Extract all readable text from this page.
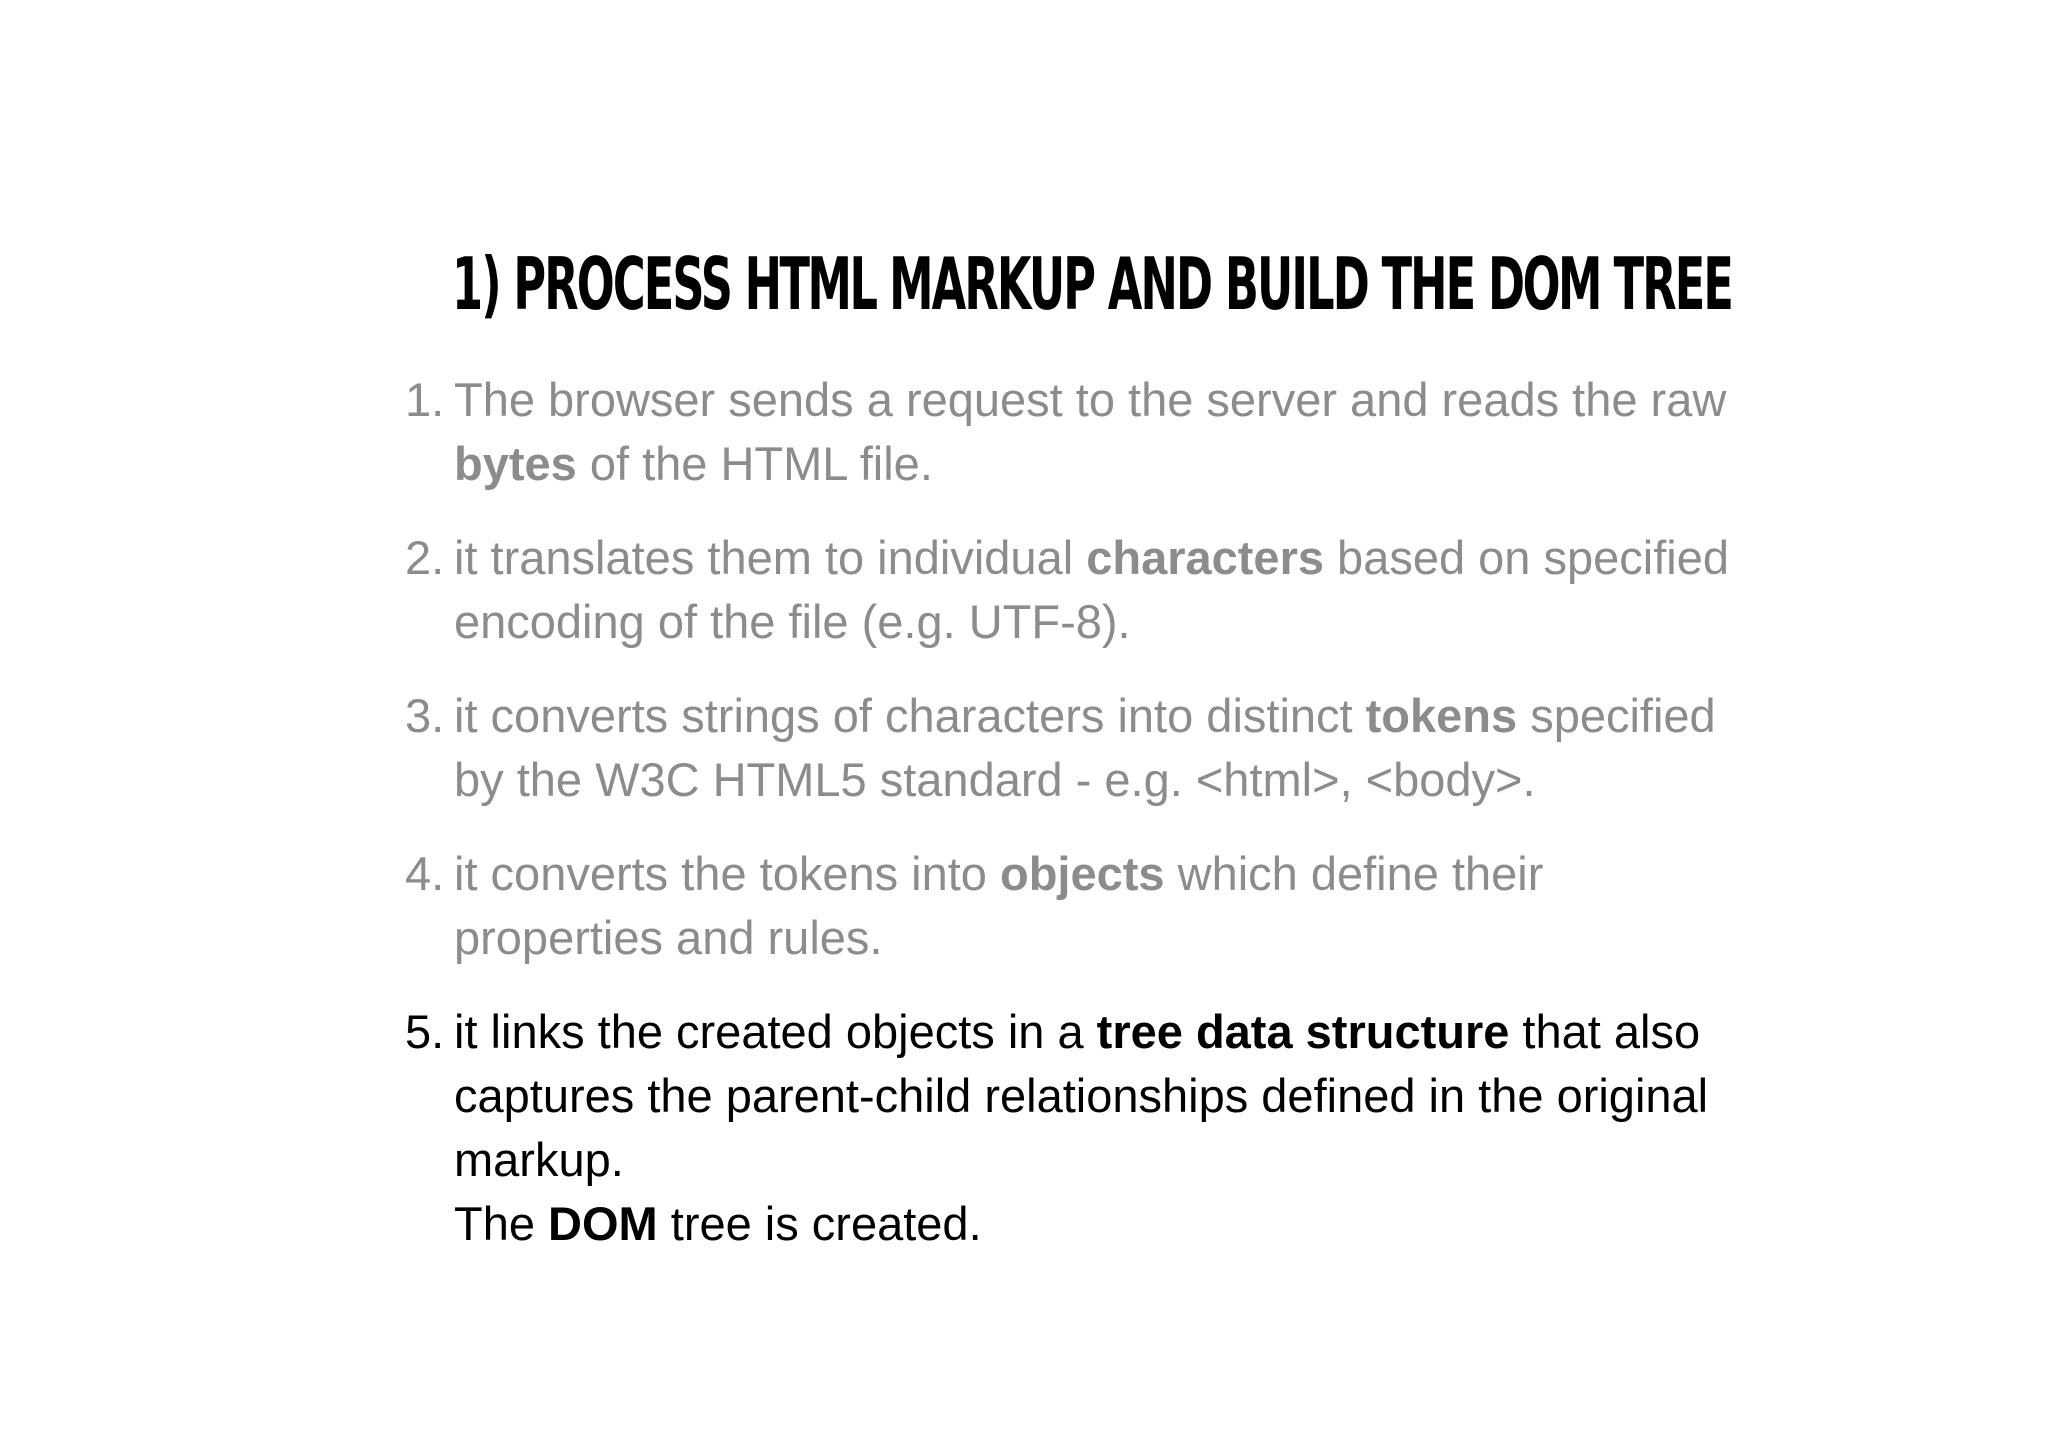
1) PROCESS HTML MARKUP AND BUILD THE DOM TREE
1. The browser sends a request to the server and reads the raw bytes of the HTML file.
2. it translates them to individual characters based on specified encoding of the file (e.g. UTF-8).
3. it converts strings of characters into distinct tokens specified by the W3C HTML5 standard - e.g. <html>, <body>.
4. it converts the tokens into objects which define their properties and rules.
5. it links the created objects in a tree data structure that also captures the parent-child relationships defined in the original markup.
The DOM tree is created.
